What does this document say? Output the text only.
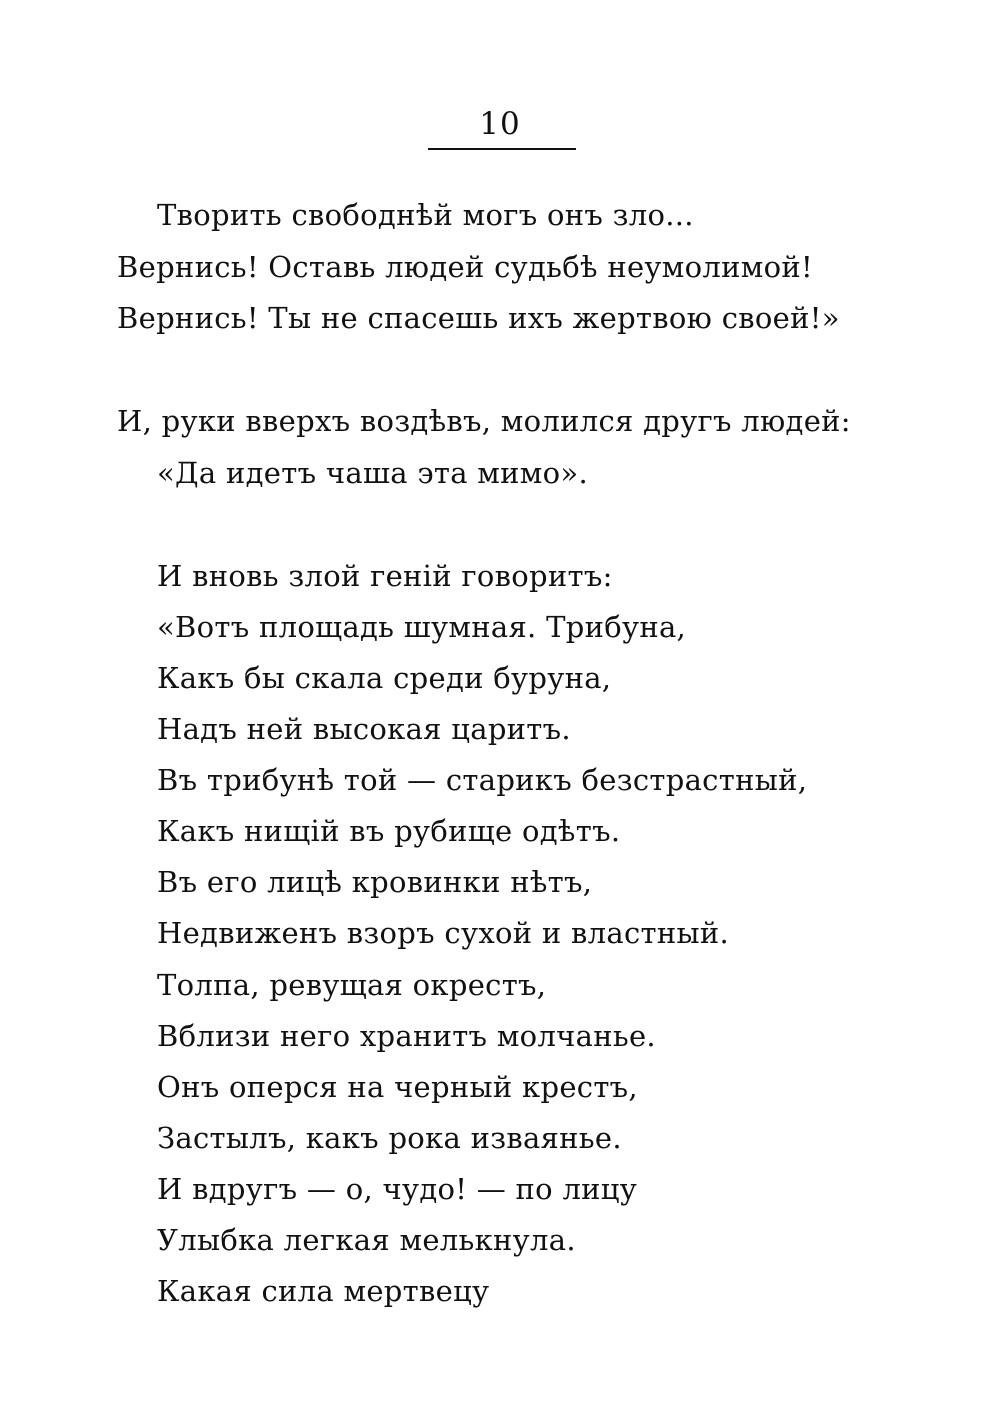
10
Творить свободнѣй могъ онъ зло...
Вернись! Оставь людей судьбѣ неумолимой!
Вернись! Ты не спасешь ихъ жертвою своей!»
И, руки вверхъ воздѣвъ, молился другъ людей:
«Да идетъ чаша эта мимо».
И вновь злой геній говоритъ:
«Вотъ площадь шумная. Трибуна,
Какъ бы скала среди буруна,
Надъ ней высокая царитъ.
Въ трибунѣ той — старикъ безстрастный,
Какъ нищій въ рубище одѣтъ.
Въ его лицѣ кровинки нѣтъ,
Недвиженъ взоръ сухой и властный.
Толпа, ревущая окрестъ,
Вблизи него хранитъ молчанье.
Онъ оперся на черный крестъ,
Застылъ, какъ рока изваянье.
И вдругъ — о, чудо! — по лицу
Улыбка легкая мелькнула.
Какая сила мертвецу
